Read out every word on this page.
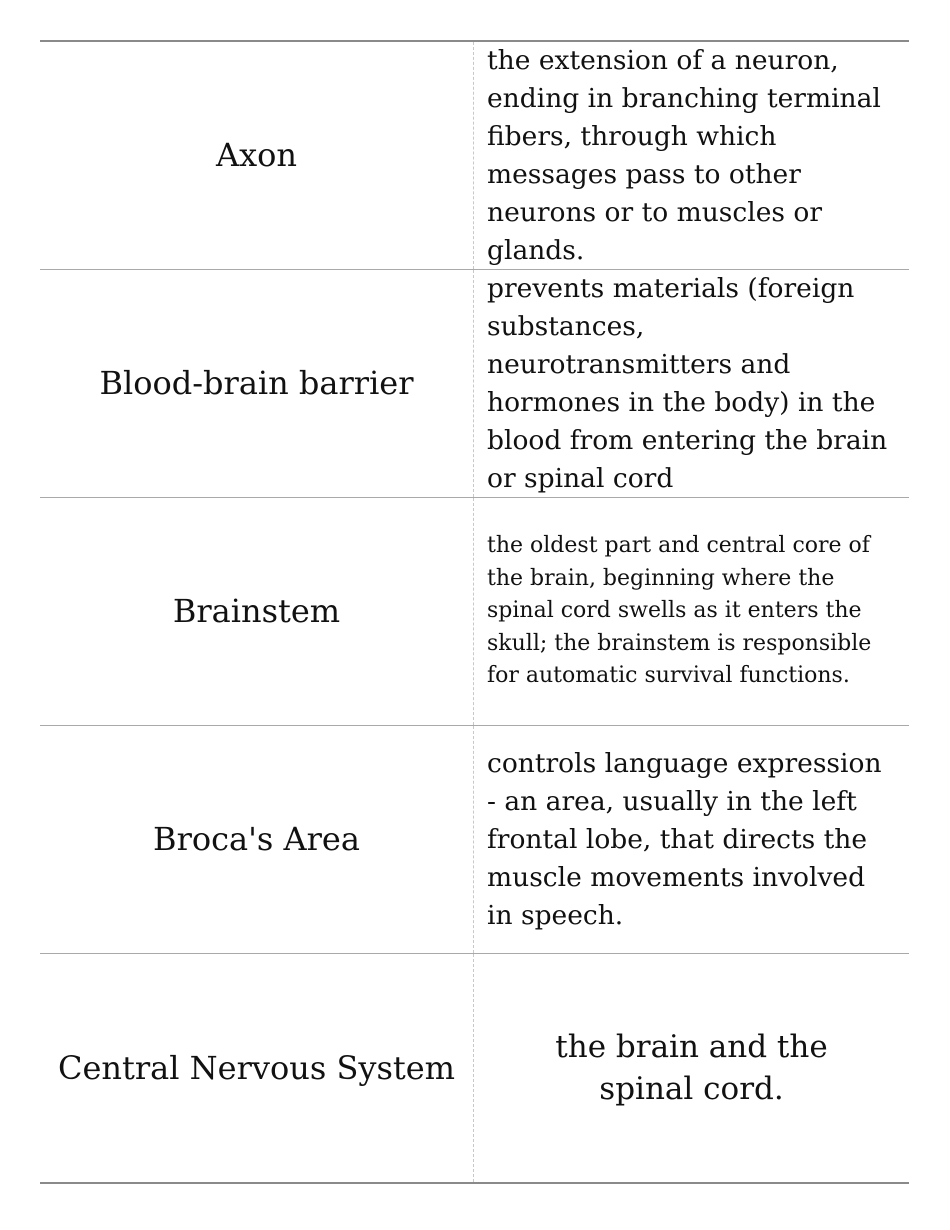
Axon
the extension of a neuron, ending in branching terminal fibers, through which messages pass to other neurons or to muscles or glands.
Blood-brain barrier
prevents materials (foreign substances, neurotransmitters and hormones in the body) in the blood from entering the brain or spinal cord
Brainstem
the oldest part and central core of the brain, beginning where the spinal cord swells as it enters the skull; the brainstem is responsible for automatic survival functions.
Broca's Area
controls language expression - an area, usually in the left frontal lobe, that directs the muscle movements involved in speech.
Central Nervous System
the brain and the spinal cord.
